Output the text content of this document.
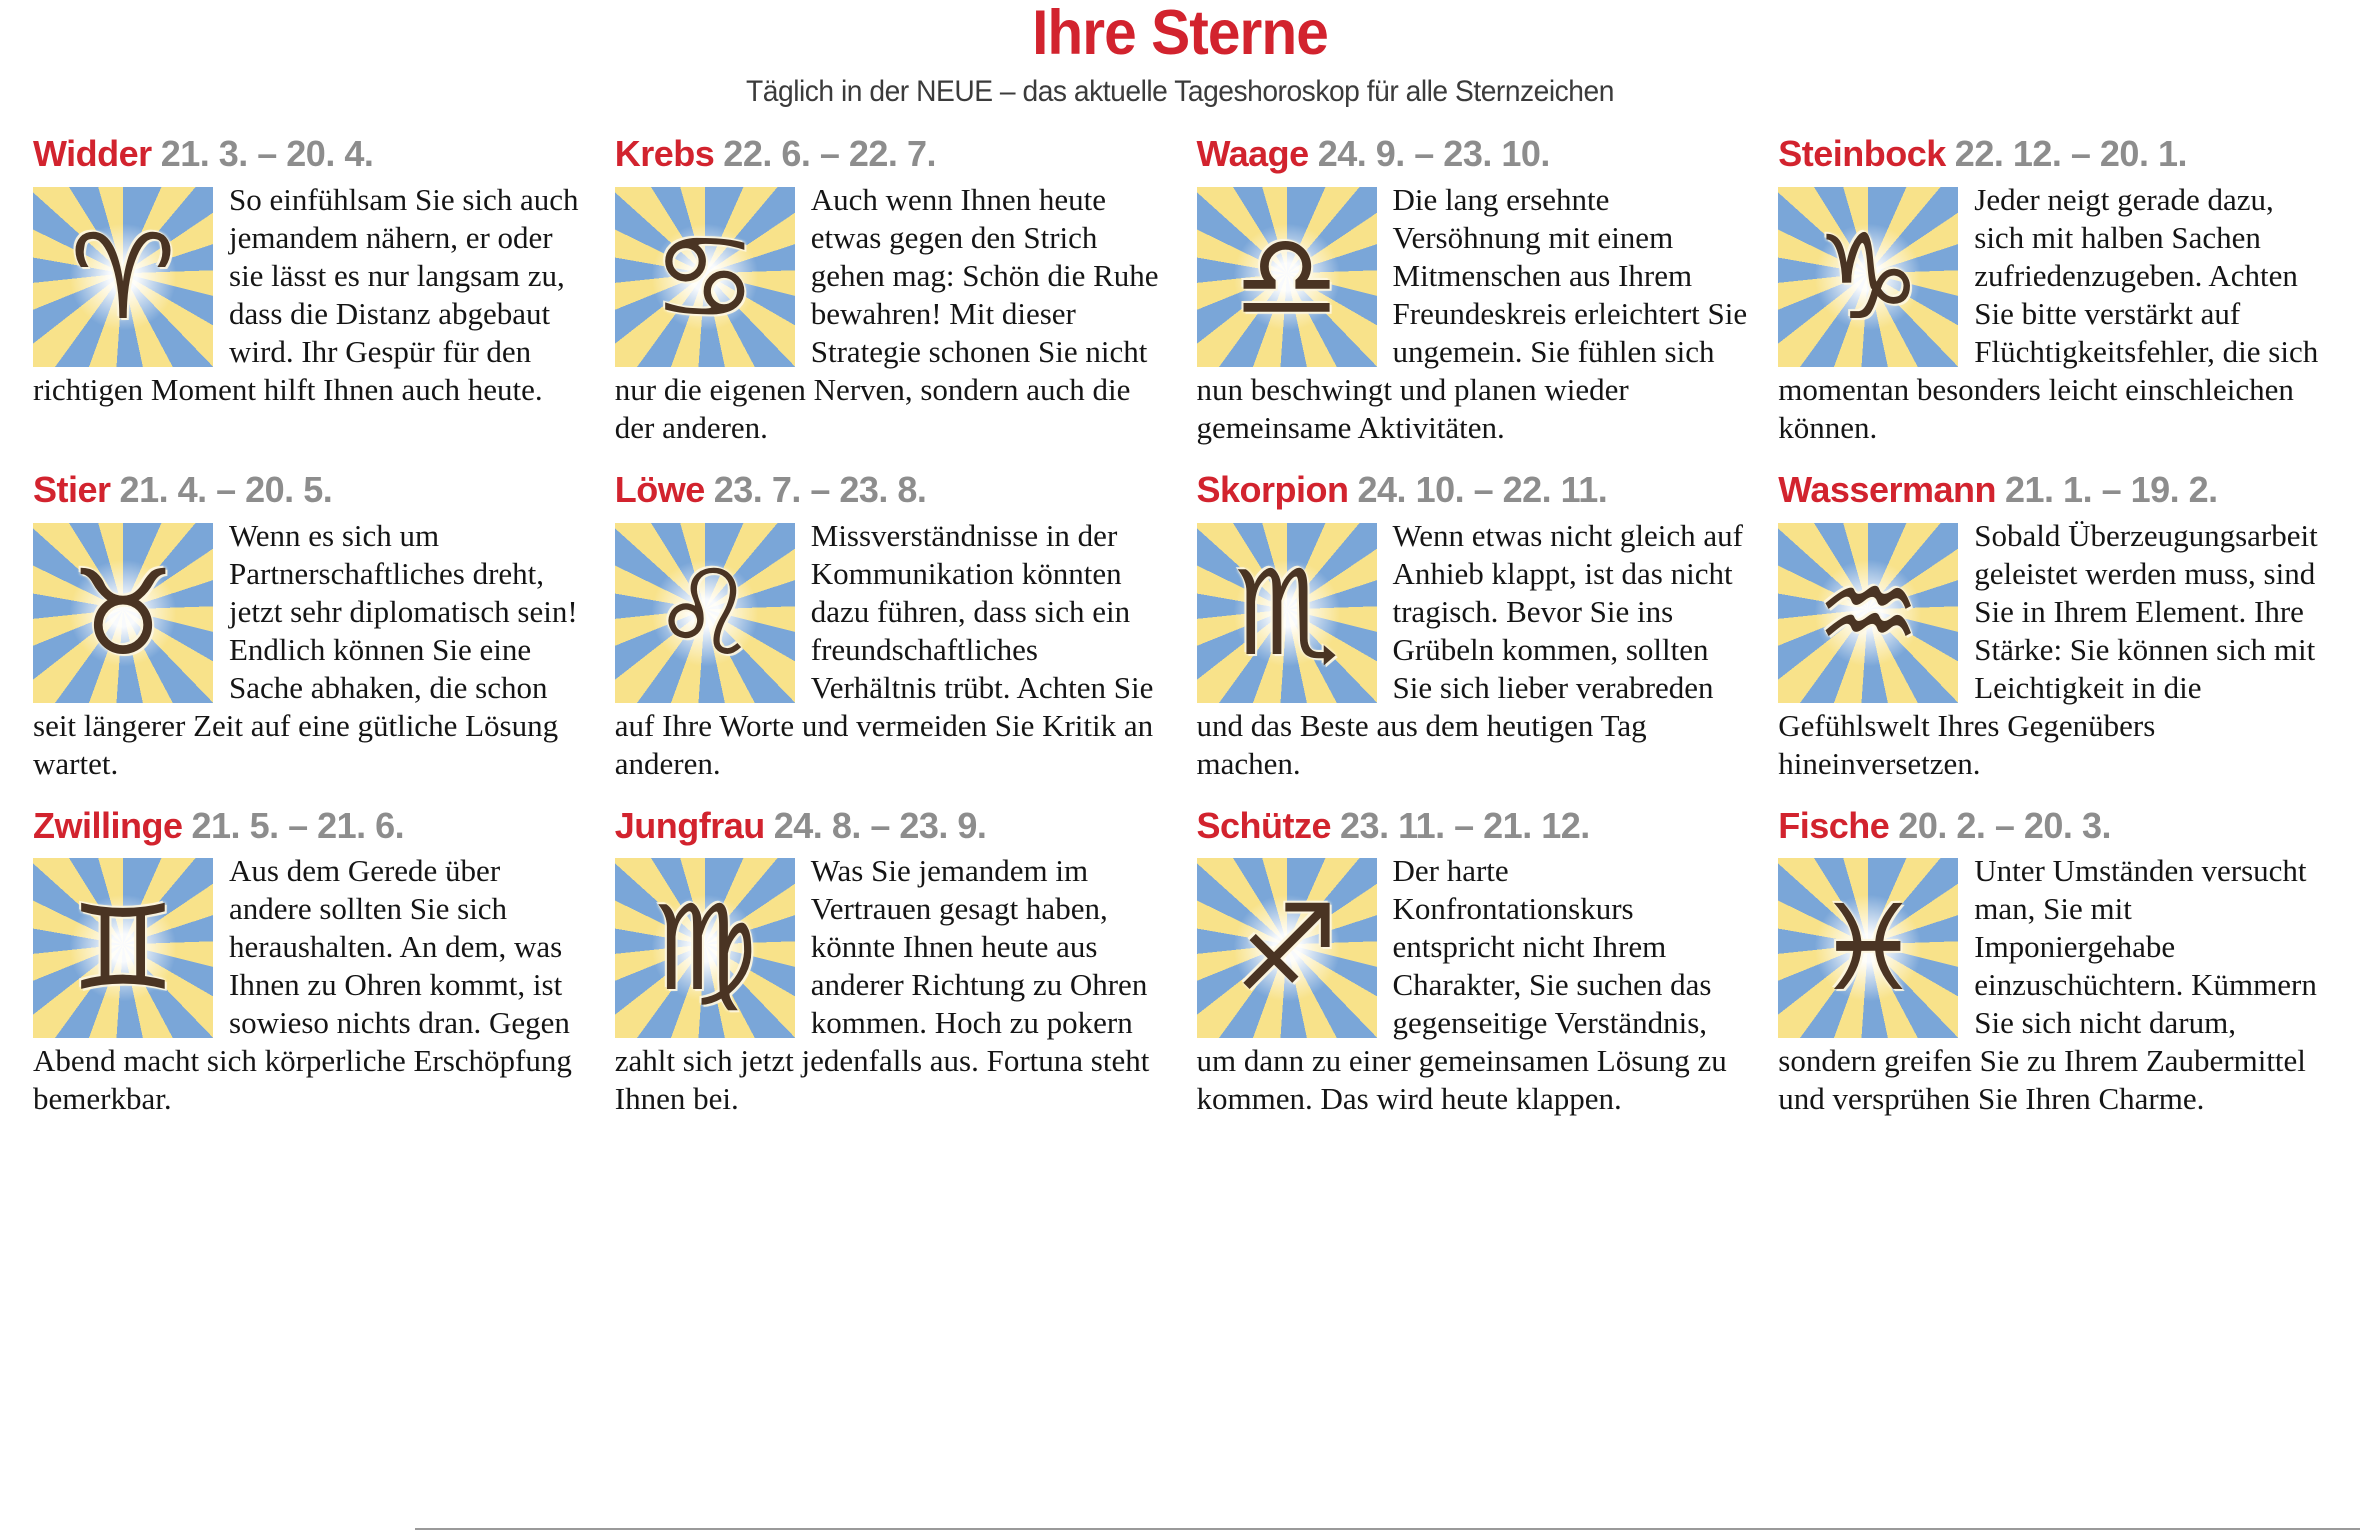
Ihre Sterne
Täglich in der NEUE – das aktuelle Tageshoroskop für alle Sternzeichen
Widder 21. 3. – 20. 4.
♈

So einfühlsam Sie sich auch jemandem nähern, er oder sie lässt es nur langsam zu, dass die Distanz abgebaut wird. Ihr Gespür für den richtigen Moment hilft Ihnen auch heute.

Stier 21. 4. – 20. 5.
♉

Wenn es sich um Partnerschaftliches dreht, jetzt sehr diplomatisch sein! Endlich können Sie eine Sache abhaken, die schon seit längerer Zeit auf eine gütliche Lösung wartet.

Zwillinge 21. 5. – 21. 6.
♊

Aus dem Gerede über andere sollten Sie sich heraushalten. An dem, was Ihnen zu Ohren kommt, ist sowieso nichts dran. Gegen Abend macht sich körperliche Erschöpfung bemerkbar.

Krebs 22. 6. – 22. 7.
♋

Auch wenn Ihnen heute etwas gegen den Strich gehen mag: Schön die Ruhe bewahren! Mit dieser Strategie schonen Sie nicht nur die eigenen Nerven, sondern auch die der anderen.

Löwe 23. 7. – 23. 8.
♌

Missverständnisse in der Kommunikation könnten dazu führen, dass sich ein freundschaftliches Verhältnis trübt. Achten Sie auf Ihre Worte und vermeiden Sie Kritik an anderen.

Jungfrau 24. 8. – 23. 9.
♍

Was Sie jemandem im Vertrauen gesagt haben, könnte Ihnen heute aus anderer Richtung zu Ohren kommen. Hoch zu pokern zahlt sich jetzt jedenfalls aus. Fortuna steht Ihnen bei.

Waage 24. 9. – 23. 10.
♎

Die lang ersehnte Versöhnung mit einem Mitmenschen aus Ihrem Freundeskreis erleichtert Sie ungemein. Sie fühlen sich nun beschwingt und planen wieder gemeinsame Aktivitäten.

Skorpion 24. 10. – 22. 11.
♏

Wenn etwas nicht gleich auf Anhieb klappt, ist das nicht tragisch. Bevor Sie ins Grübeln kommen, sollten Sie sich lieber verabreden und das Beste aus dem heutigen Tag machen.

Schütze 23. 11. – 21. 12.
♐

Der harte Konfrontationskurs entspricht nicht Ihrem Charakter, Sie suchen das gegenseitige Verständnis, um dann zu einer gemeinsamen Lösung zu kommen. Das wird heute klappen.

Steinbock 22. 12. – 20. 1.
♑

Jeder neigt gerade dazu, sich mit halben Sachen zufriedenzugeben. Achten Sie bitte verstärkt auf Flüchtigkeitsfehler, die sich momentan besonders leicht einschleichen können.

Wassermann 21. 1. – 19. 2.
♒

Sobald Überzeugungsarbeit geleistet werden muss, sind Sie in Ihrem Element. Ihre Stärke: Sie können sich mit Leichtigkeit in die Gefühlswelt Ihres Gegenübers hineinversetzen.

Fische 20. 2. – 20. 3.
♓

Unter Umständen versucht man, Sie mit Imponiergehabe einzuschüchtern. Kümmern Sie sich nicht darum, sondern greifen Sie zu Ihrem Zaubermittel und versprühen Sie Ihren Charme.
